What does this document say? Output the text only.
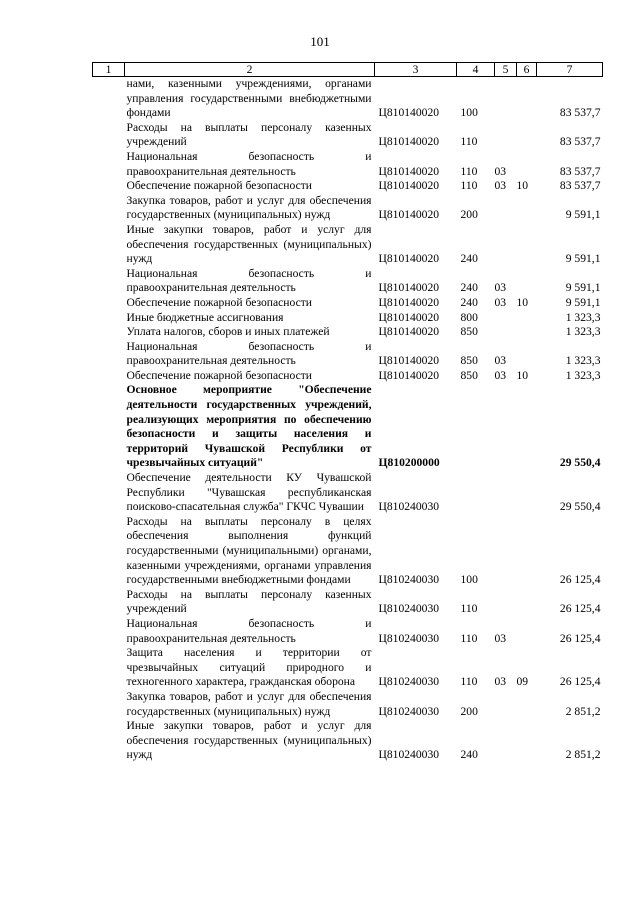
101
1	2	3	4	5	6	7
	нами, казенными учреждениями, органами управления государственными внебюджетными фондами	Ц810140020	100			83 537,7
	Расходы на выплаты персоналу казенных учреждений	Ц810140020	110			83 537,7
	Национальная безопасность и правоохранительная деятельность	Ц810140020	110	03		83 537,7
	Обеспечение пожарной безопасности	Ц810140020	110	03	10	83 537,7
	Закупка товаров, работ и услуг для обеспечения государственных (муниципальных) нужд	Ц810140020	200			9 591,1
	Иные закупки товаров, работ и услуг для обеспечения государственных (муниципальных) нужд	Ц810140020	240			9 591,1
	Национальная безопасность и правоохранительная деятельность	Ц810140020	240	03		9 591,1
	Обеспечение пожарной безопасности	Ц810140020	240	03	10	9 591,1
	Иные бюджетные ассигнования	Ц810140020	800			1 323,3
	Уплата налогов, сборов и иных платежей	Ц810140020	850			1 323,3
	Национальная безопасность и правоохранительная деятельность	Ц810140020	850	03		1 323,3
	Обеспечение пожарной безопасности	Ц810140020	850	03	10	1 323,3
	Основное мероприятие "Обеспечение деятельности государственных учреждений, реализующих мероприятия по обеспечению безопасности и защиты населения и территорий Чувашской Республики от чрезвычайных ситуаций"	Ц810200000				29 550,4
	Обеспечение деятельности КУ Чувашской Республики "Чувашская республиканская поисково-спасательная служба" ГКЧС Чувашии	Ц810240030				29 550,4
	Расходы на выплаты персоналу в целях обеспечения выполнения функций государственными (муниципальными) органами, казенными учреждениями, органами управления государственными внебюджетными фондами	Ц810240030	100			26 125,4
	Расходы на выплаты персоналу казенных учреждений	Ц810240030	110			26 125,4
	Национальная безопасность и правоохранительная деятельность	Ц810240030	110	03		26 125,4
	Защита населения и территории от чрезвычайных ситуаций природного и техногенного характера, гражданская оборона	Ц810240030	110	03	09	26 125,4
	Закупка товаров, работ и услуг для обеспечения государственных (муниципальных) нужд	Ц810240030	200			2 851,2
	Иные закупки товаров, работ и услуг для обеспечения государственных (муниципальных) нужд	Ц810240030	240			2 851,2
